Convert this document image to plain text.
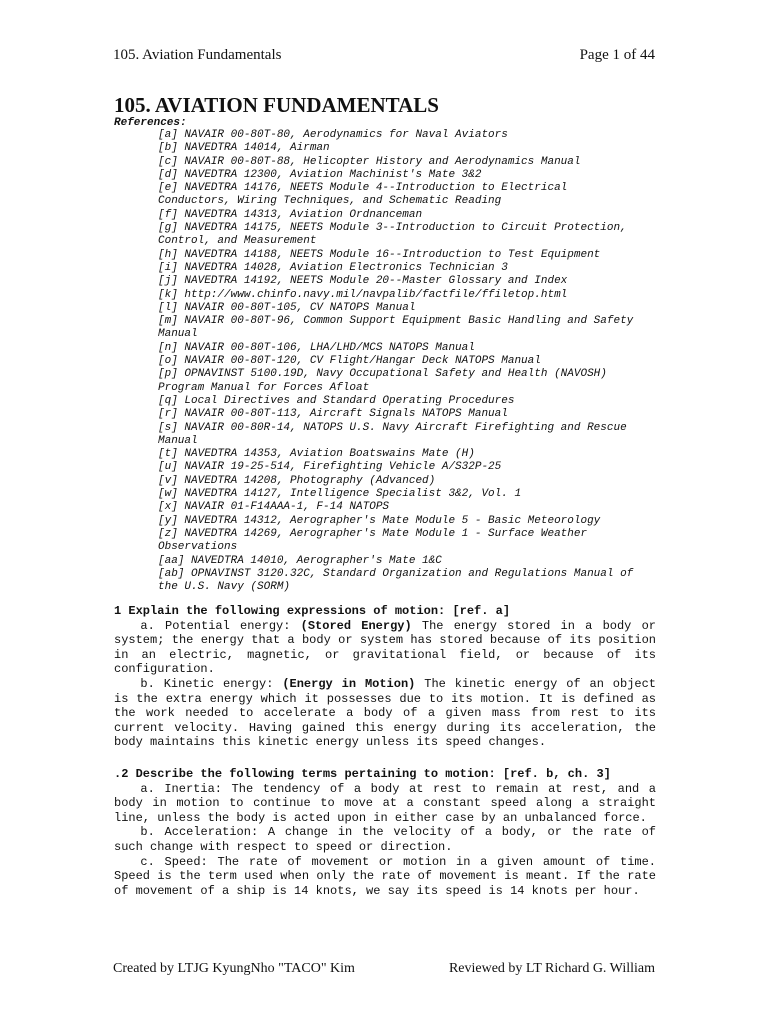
105. Aviation Fundamentals	Page 1 of 44
105. AVIATION FUNDAMENTALS
References:
[a] NAVAIR 00-80T-80, Aerodynamics for Naval Aviators
[b] NAVEDTRA 14014, Airman
[c] NAVAIR 00-80T-88, Helicopter History and Aerodynamics Manual
[d] NAVEDTRA 12300, Aviation Machinist's Mate 3&2
[e] NAVEDTRA 14176, NEETS Module 4--Introduction to Electrical
Conductors, Wiring Techniques, and Schematic Reading
[f] NAVEDTRA 14313, Aviation Ordnanceman
[g] NAVEDTRA 14175, NEETS Module 3--Introduction to Circuit Protection,
Control, and Measurement
[h] NAVEDTRA 14188, NEETS Module 16--Introduction to Test Equipment
[i] NAVEDTRA 14028, Aviation Electronics Technician 3
[j] NAVEDTRA 14192, NEETS Module 20--Master Glossary and Index
[k] http://www.chinfo.navy.mil/navpalib/factfile/ffiletop.html
[l] NAVAIR 00-80T-105, CV NATOPS Manual
[m] NAVAIR 00-80T-96, Common Support Equipment Basic Handling and Safety
Manual
[n] NAVAIR 00-80T-106, LHA/LHD/MCS NATOPS Manual
[o] NAVAIR 00-80T-120, CV Flight/Hangar Deck NATOPS Manual
[p] OPNAVINST 5100.19D, Navy Occupational Safety and Health (NAVOSH)
Program Manual for Forces Afloat
[q] Local Directives and Standard Operating Procedures
[r] NAVAIR 00-80T-113, Aircraft Signals NATOPS Manual
[s] NAVAIR 00-80R-14, NATOPS U.S. Navy Aircraft Firefighting and Rescue
Manual
[t] NAVEDTRA 14353, Aviation Boatswains Mate (H)
[u] NAVAIR 19-25-514, Firefighting Vehicle A/S32P-25
[v] NAVEDTRA 14208, Photography (Advanced)
[w] NAVEDTRA 14127, Intelligence Specialist 3&2, Vol. 1
[x] NAVAIR 01-F14AAA-1, F-14 NATOPS
[y] NAVEDTRA 14312, Aerographer's Mate Module 5 - Basic Meteorology
[z] NAVEDTRA 14269, Aerographer's Mate Module 1 - Surface Weather
Observations
[aa] NAVEDTRA 14010, Aerographer's Mate 1&C
[ab] OPNAVINST 3120.32C, Standard Organization and Regulations Manual of
the U.S. Navy (SORM)
1 Explain the following expressions of motion: [ref. a]

a. Potential energy: (Stored Energy) The energy stored in a body or system; the energy that a body or system has stored because of its position in an electric, magnetic, or gravitational field, or because of its configuration.

b. Kinetic energy: (Energy in Motion) The kinetic energy of an object is the extra energy which it possesses due to its motion. It is defined as the work needed to accelerate a body of a given mass from rest to its current velocity. Having gained this energy during its acceleration, the body maintains this kinetic energy unless its speed changes.

.2 Describe the following terms pertaining to motion: [ref. b, ch. 3]

a. Inertia: The tendency of a body at rest to remain at rest, and a body in motion to continue to move at a constant speed along a straight line, unless the body is acted upon in either case by an unbalanced force.

b. Acceleration: A change in the velocity of a body, or the rate of such change with respect to speed or direction.

c. Speed: The rate of movement or motion in a given amount of time. Speed is the term used when only the rate of movement is meant. If the rate of movement of a ship is 14 knots, we say its speed is 14 knots per hour.

Created by LTJG KyungNho "TACO" Kim	Reviewed by LT Richard G. William
